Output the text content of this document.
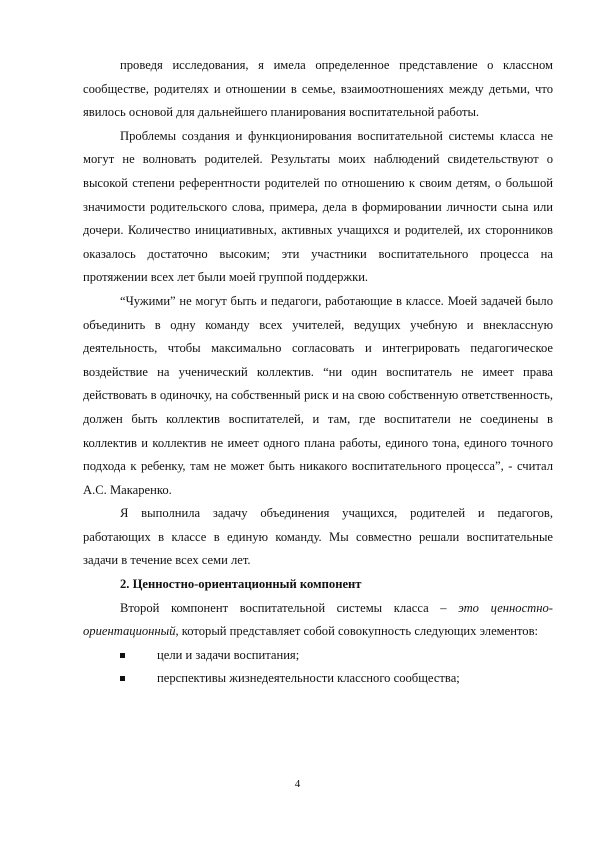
проведя исследования, я имела определенное представление о классном сообществе, родителях и отношении в семье, взаимоотношениях между детьми, что явилось основой для дальнейшего планирования воспитательной работы.

Проблемы создания и функционирования воспитательной системы класса не могут не волновать родителей. Результаты моих наблюдений свидетельствуют о высокой степени референтности родителей по отношению к своим детям, о большой значимости родительского слова, примера, дела в формировании личности сына или дочери. Количество инициативных, активных учащихся и родителей, их сторонников оказалось достаточно высоким; эти участники воспитательного процесса на протяжении всех лет были моей группой поддержки.

“Чужими” не могут быть и педагоги, работающие в классе. Моей задачей было объединить в одну команду всех учителей, ведущих учебную и внеклассную деятельность, чтобы максимально согласовать и интегрировать педагогическое воздействие на ученический коллектив. “ни один воспитатель не имеет права действовать в одиночку, на собственный риск и на свою собственную ответственность, должен быть коллектив воспитателей, и там, где воспитатели не соединены в коллектив и коллектив не имеет одного плана работы, единого тона, единого точного подхода к ребенку, там не может быть никакого воспитательного процесса”, - считал А.С. Макаренко.

Я выполнила задачу объединения учащихся, родителей и педагогов, работающих в классе в единую команду. Мы совместно решали воспитательные задачи в течение всех семи лет.

2. Ценностно-ориентационный компонент

Второй компонент воспитательной системы класса – это ценностно-ориентационный, который представляет собой совокупность следующих элементов:

цели и задачи воспитания;
перспективы жизнедеятельности классного сообщества;
4
